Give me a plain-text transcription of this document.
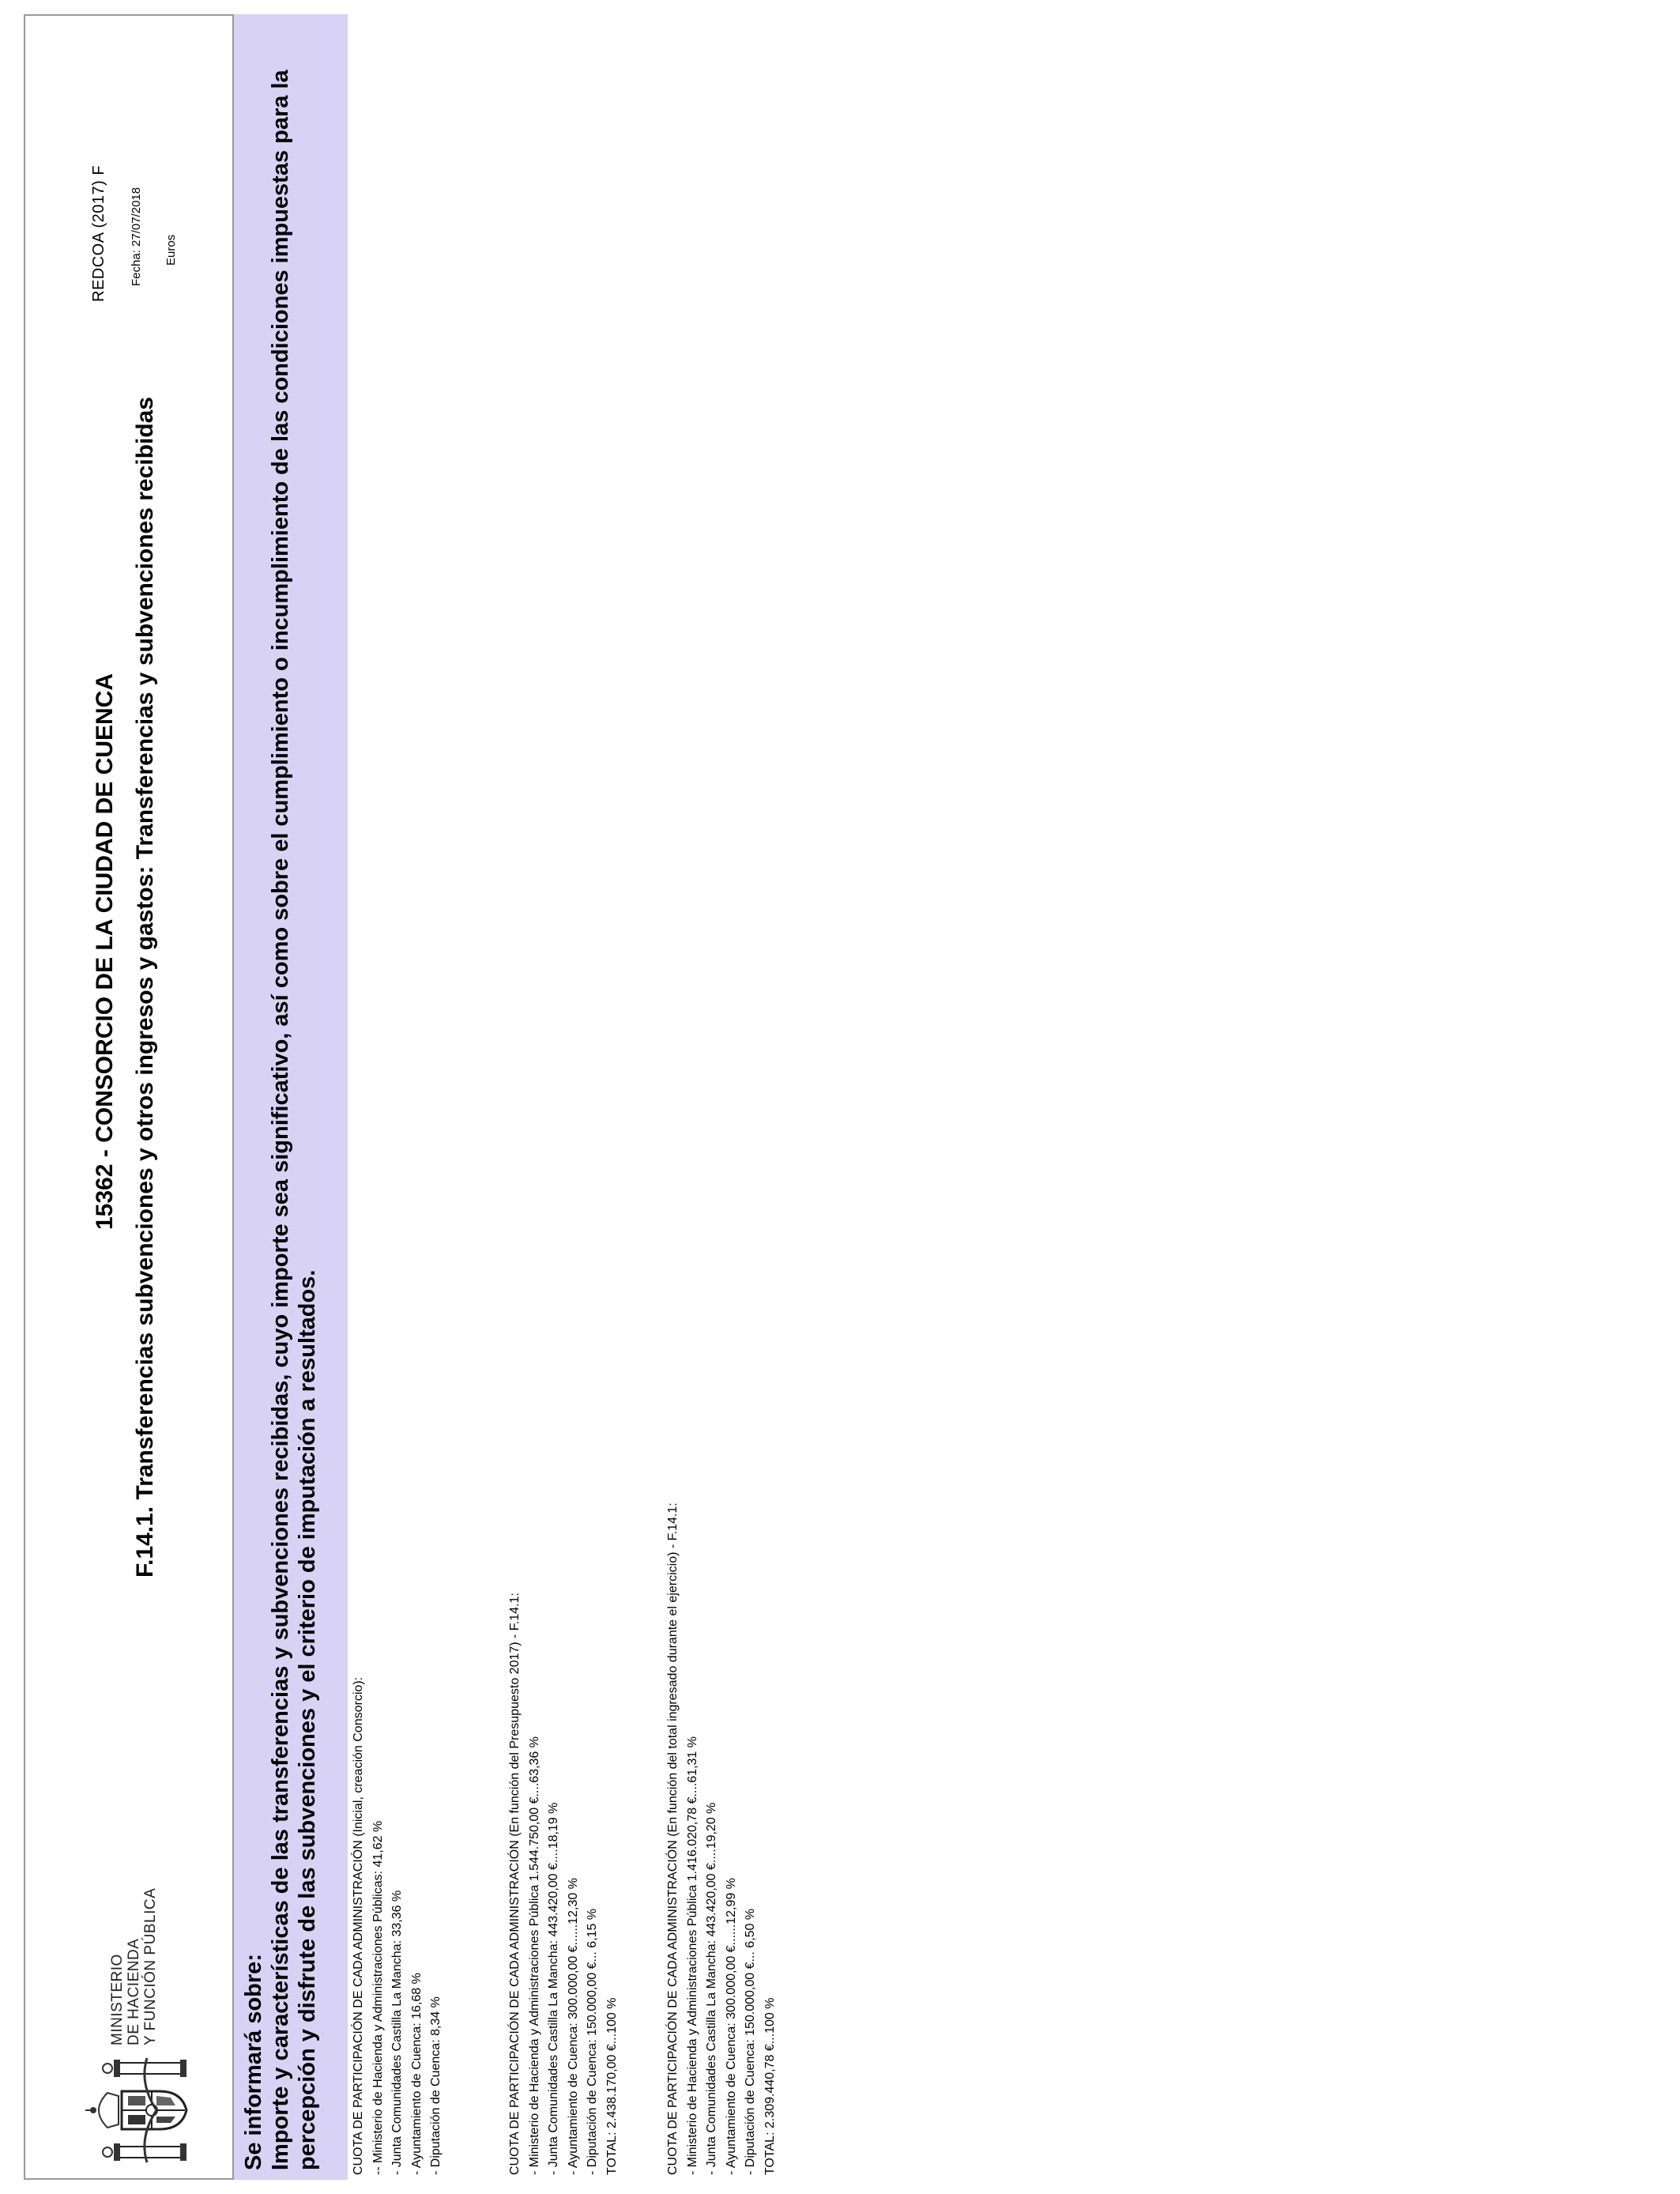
MINISTERIO DE HACIENDA Y FUNCIÓN PÚBLICA
15362 - CONSORCIO DE LA CIUDAD DE CUENCA F.14.1. Transferencias subvenciones y otros ingresos y gastos: Transferencias y subvenciones recibidas
REDCOA (2017) F Fecha: 27/07/2018 Euros
Se informará sobre: Importe y características de las transferencias y subvenciones recibidas, cuyo importe sea significativo, así como sobre el cumplimiento o incumplimiento de las condiciones impuestas para la percepción y disfrute de las subvenciones y el criterio de imputación a resultados.	CUOTA DE PARTICIPACIÓN DE CADA ADMINISTRACIÓN (Inicial, creación Consorcio): -- Ministerio de Hacienda y Administraciones Públicas: 41,62 % - Junta Comunidades Castilla La Mancha: 33,36 % - Ayuntamiento de Cuenca: 16,68 % - Diputación de Cuenca: 8,34 %	CUOTA DE PARTICIPACIÓN DE CADA ADMINISTRACIÓN (En función del Presupuesto 2017) - F.14.1: - Ministerio de Hacienda y Administraciones Pública 1.544.750,00 €....63,36 % - Junta Comunidades Castilla La Mancha: 443.420,00 €....18,19 % - Ayuntamiento de Cuenca: 300.000,00 €......12,30 % - Diputación de Cuenca: 150.000,00 €... 6,15 % TOTAL: 2.438.170,00 €...100 %	CUOTA DE PARTICIPACIÓN DE CADA ADMINISTRACIÓN (En función del total ingresado durante el ejercicio) - F.14.1: - Ministerio de Hacienda y Administraciones Pública 1.416.020,78 €....61,31 % - Junta Comunidades Castilla La Mancha: 443.420,00 €....19,20 % - Ayuntamiento de Cuenca: 300.000,00 €......12,99 % - Diputación de Cuenca: 150.000,00 €... 6,50 % TOTAL: 2.309.440,78 €...100 %
